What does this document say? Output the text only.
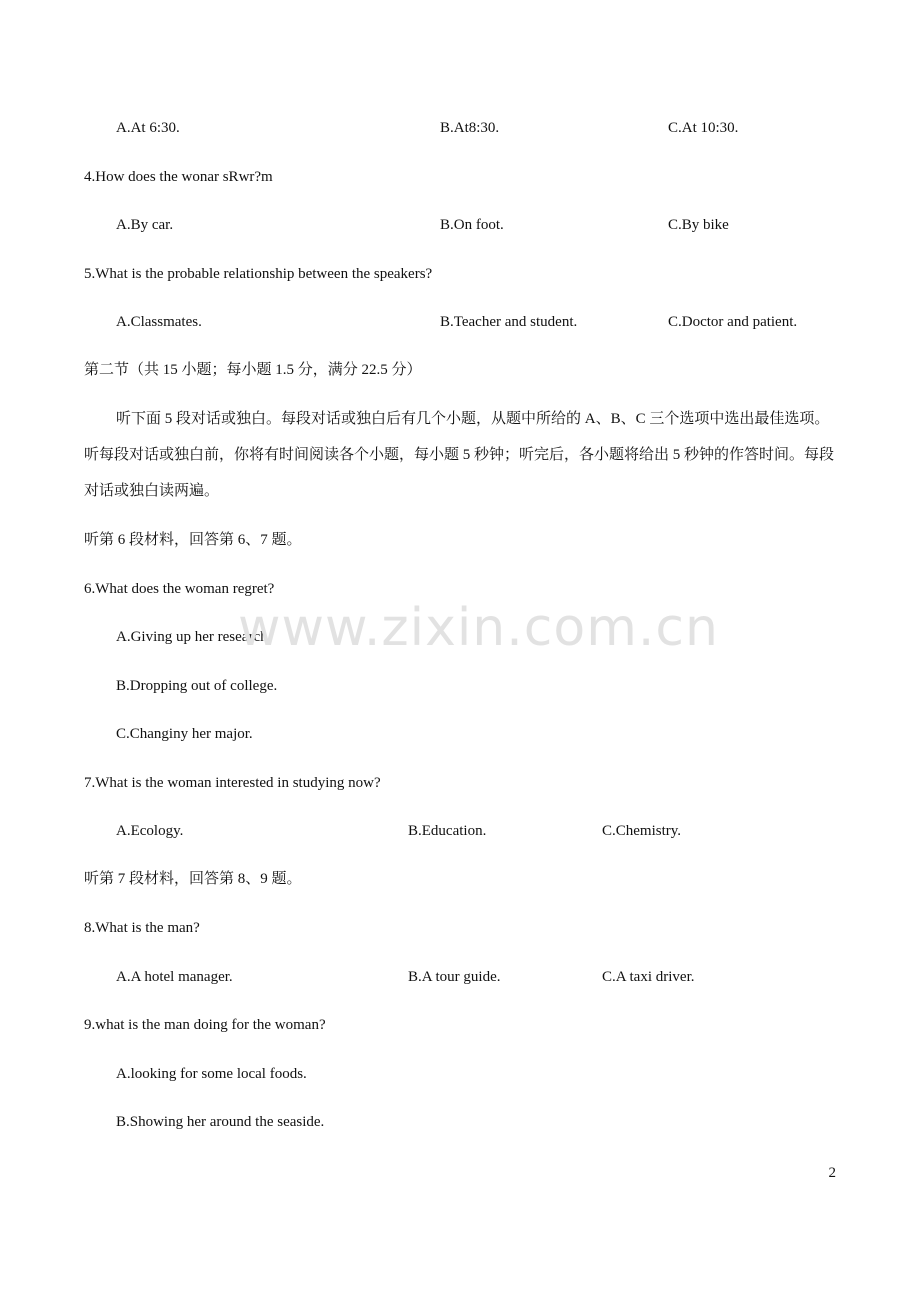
A.At 6:30.	B.At8:30.	C.At 10:30.
4.How does the wonar sRwr?m
A.By car.	B.On foot.	C.By bike
5.What is the probable relationship between the speakers?
A.Classmates.	B.Teacher and student.	C.Doctor and patient.
第二节（共 15 小题；每小题 1.5 分，满分 22.5 分）
听下面 5 段对话或独白。每段对话或独白后有几个小题，从题中所给的 A、B、C 三个选项中选出最佳选项。听每段对话或独白前，你将有时间阅读各个小题，每小题 5 秒钟；听完后，各小题将给出 5 秒钟的作答时间。每段对话或独白读两遍。
听第 6 段材料，回答第 6、7 题。
6.What does the woman regret?
A.Giving up her research.
B.Dropping out of college.
C.Changiny her major.
7.What is the woman interested in studying now?
A.Ecology.	B.Education.	C.Chemistry.
听第 7 段材料，回答第 8、9 题。
8.What is the man?
A.A hotel manager.	B.A tour guide.	C.A taxi driver.
9.what is the man doing for the woman?
A.looking for some local foods.
B.Showing her around the seaside.
www.zixin.com.cn
2
